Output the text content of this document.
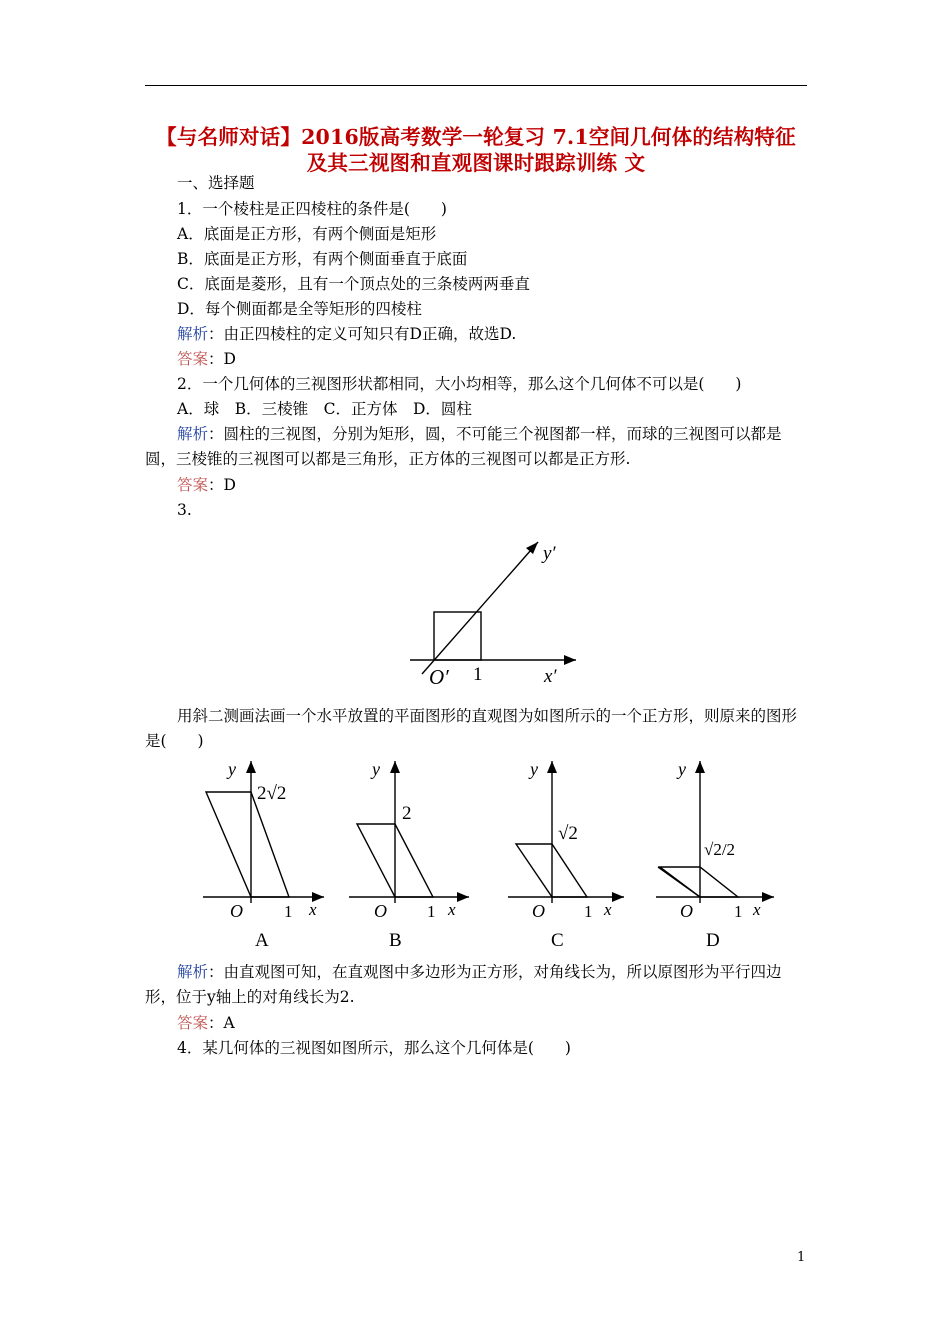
【与名师对话】2016版高考数学一轮复习 7.1空间几何体的结构特征
及其三视图和直观图课时跟踪训练 文
一、选择题
1．一个棱柱是正四棱柱的条件是(　　)
A．底面是正方形，有两个侧面是矩形
B．底面是正方形，有两个侧面垂直于底面
C．底面是菱形，且有一个顶点处的三条棱两两垂直
D．每个侧面都是全等矩形的四棱柱
解析：由正四棱柱的定义可知只有D正确，故选D.
答案：D
2．一个几何体的三视图形状都相同，大小均相等，那么这个几何体不可以是(　　)
A．球　B．三棱锥　C．正方体　D．圆柱
解析：圆柱的三视图，分别为矩形，圆，不可能三个视图都一样，而球的三视图可以都是圆，三棱锥的三视图可以都是三角形，正方体的三视图可以都是正方形.
答案：D
3.
y′
x′
O′ 1
用斜二测画法画一个水平放置的平面图形的直观图为如图所示的一个正方形，则原来的图形是(　　)
y
x
O 1
2√2
A
y
x
O 1
2
B
y
x
O 1
√2
C
y
x
O 1
√2/2
D
解析：由直观图可知，在直观图中多边形为正方形，对角线长为，所以原图形为平行四边形，位于y轴上的对角线长为2.
答案：A
4．某几何体的三视图如图所示，那么这个几何体是(　　)
1
